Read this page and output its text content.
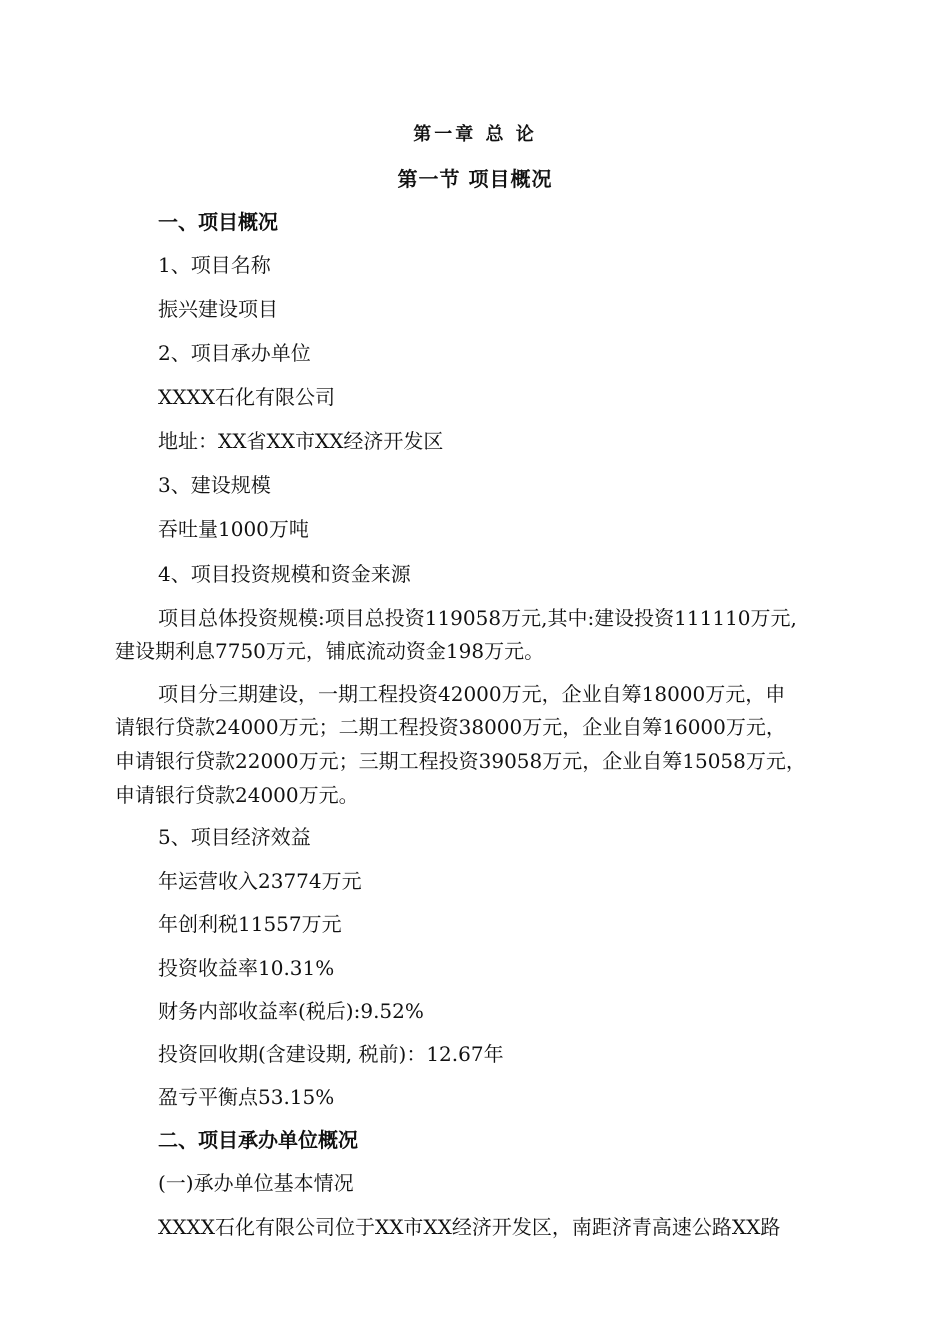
第一章 总 论
第一节 项目概况
一、项目概况
1、项目名称
振兴建设项目
2、项目承办单位
XXXX石化有限公司
地址：XX省XX市XX经济开发区
3、建设规模
吞吐量1000万吨
4、项目投资规模和资金来源
项目总体投资规模:项目总投资119058万元,其中:建设投资111110万元,
建设期利息7750万元，铺底流动资金198万元。
项目分三期建设，一期工程投资42000万元，企业自筹18000万元，申
请银行贷款24000万元；二期工程投资38000万元，企业自筹16000万元，
申请银行贷款22000万元；三期工程投资39058万元，企业自筹15058万元，
申请银行贷款24000万元。
5、项目经济效益
年运营收入23774万元
年创利税11557万元
投资收益率10.31%
财务内部收益率(税后):9.52%
投资回收期(含建设期, 税前)：12.67年
盈亏平衡点53.15%
二、项目承办单位概况
(一)承办单位基本情况
XXXX石化有限公司位于XX市XX经济开发区，南距济青高速公路XX路
